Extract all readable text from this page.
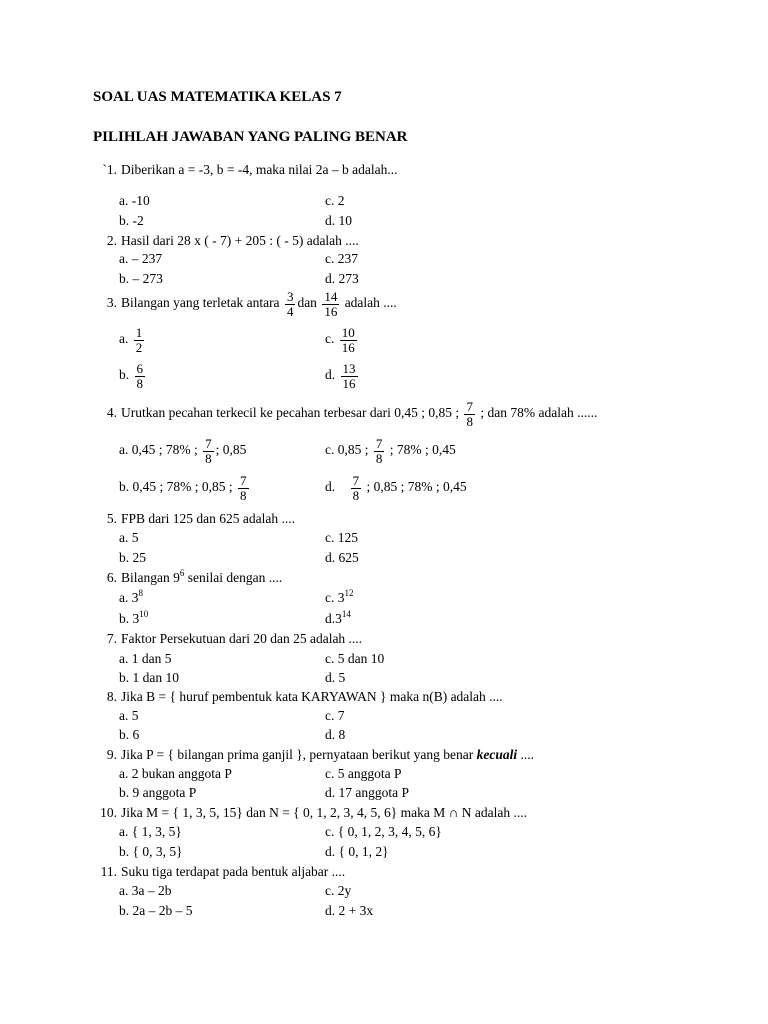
SOAL UAS MATEMATIKA KELAS 7
PILIHLAH JAWABAN YANG PALING BENAR
`1. Diberikan a = -3, b = -4, maka nilai 2a – b adalah...
a. -10	c. 2
b. -2	d. 10
2. Hasil dari 28 x ( - 7) + 205 : ( - 5) adalah ....
a. – 237	c. 237
b. – 273	d. 273
3. Bilangan yang terletak antara $\frac{3}{4}$ dan $\frac{14}{16}$ adalah ....
a. $\frac{1}{2}$	c. $\frac{10}{16}$
b. $\frac{6}{8}$	d. $\frac{13}{16}$
4. Urutkan pecahan terkecil ke pecahan terbesar dari 0,45 ; 0,85 ; $\frac{7}{8}$ ; dan 78% adalah ......
a. 0,45 ; 78% ; $\frac{7}{8}$ ; 0,85	c. 0,85 ; $\frac{7}{8}$ ; 78% ; 0,45
b. 0,45 ; 78% ; 0,85 ; $\frac{7}{8}$	d. $\frac{7}{8}$ ; 0,85 ; 78% ; 0,45
5. FPB dari 125 dan 625 adalah ....
a. 5	c. 125
b. 25	d. 625
6. Bilangan $9^6$ senilai dengan ....
a. $3^8$	c. $3^{12}$
b. $3^{10}$	$d.3^{14}$
7. Faktor Persekutuan dari 20 dan 25 adalah ....
a. 1 dan 5	c. 5 dan 10
b. 1 dan 10	d. 5
8. Jika B = { huruf pembentuk kata KARYAWAN } maka n(B) adalah ....
a. 5	c. 7
b. 6	d. 8
9. Jika P = { bilangan prima ganjil }, pernyataan berikut yang benar kecuali ....
a. 2 bukan anggota P	c. 5 anggota P
b. 9 anggota P	d. 17 anggota P
10. Jika M = { 1, 3, 5, 15} dan N = { 0, 1, 2, 3, 4, 5, 6} maka M ∩ N adalah ....
a. { 1, 3, 5}	c. { 0, 1, 2, 3, 4, 5, 6}
b. { 0, 3, 5}	d. { 0, 1, 2}
11. Suku tiga terdapat pada bentuk aljabar ....
a. 3a – 2b	c. 2y
b. 2a – 2b – 5	d. 2 + 3x
